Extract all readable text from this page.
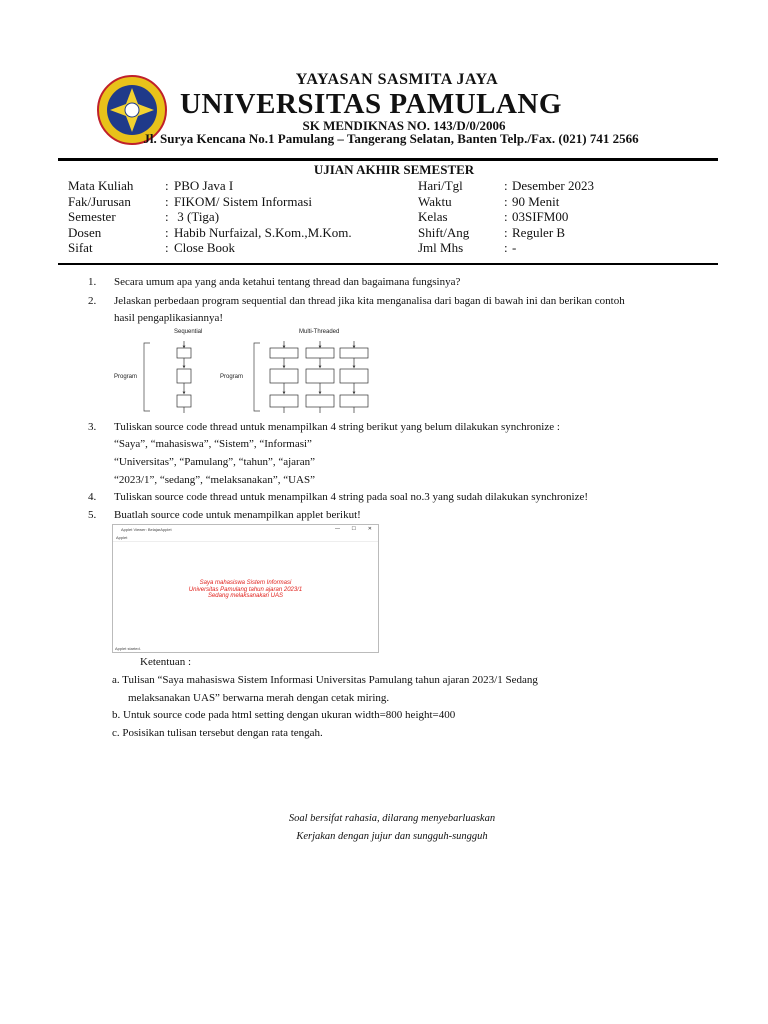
YAYASAN SASMITA JAYA
UNIVERSITAS PAMULANG
SK MENDIKNAS NO. 143/D/0/2006
Jl. Surya Kencana No.1 Pamulang – Tangerang Selatan, Banten Telp./Fax. (021) 741 2566
UJIAN AKHIR SEMESTER
Mata Kuliah : PBO Java I
Fak/Jurusan	: FIKOM/ Sistem Informasi
Semester	: 3 (Tiga)
Dosen	: Habib Nurfaizal, S.Kom.,M.Kom.
Sifat	: Close Book
Hari/Tgl	: Desember 2023
Waktu	: 90 Menit
Kelas	: 03SIFM00
Shift/Ang	: Reguler B
Jml Mhs	: -
1. Secara umum apa yang anda ketahui tentang thread dan bagaimana fungsinya?
2. Jelaskan perbedaan program sequential dan thread jika kita menganalisa dari bagan di bawah ini dan berikan contoh
hasil pengaplikasiannya!
Sequential	Multi-Threaded
Program	Program
3. Tuliskan source code thread untuk menampilkan 4 string berikut yang belum dilakukan synchronize :
“Saya”, “mahasiswa”, “Sistem”, “Informasi”
“Universitas”, “Pamulang”, “tahun”, “ajaran”
“2023/1”, “sedang”, “melaksanakan”, “UAS”
4. Tuliskan source code thread untuk menampilkan 4 string pada soal no.3 yang sudah dilakukan synchronize!
5. Buatlah source code untuk menampilkan applet berikut!
Applet Viewer: BelajarApplet	— ☐ ✕
Applet
Saya mahasiswa Sistem Informasi
Universitas Pamulang tahun ajaran 2023/1
Sedang melaksanakan UAS
Applet started.
Ketentuan :
a. Tulisan “Saya mahasiswa Sistem Informasi Universitas Pamulang tahun ajaran 2023/1 Sedang
melaksanakan UAS” berwarna merah dengan cetak miring.
b. Untuk source code pada html setting dengan ukuran width=800 height=400
c. Posisikan tulisan tersebut dengan rata tengah.
Soal bersifat rahasia, dilarang menyebarluaskan
Kerjakan dengan jujur dan sungguh-sungguh
